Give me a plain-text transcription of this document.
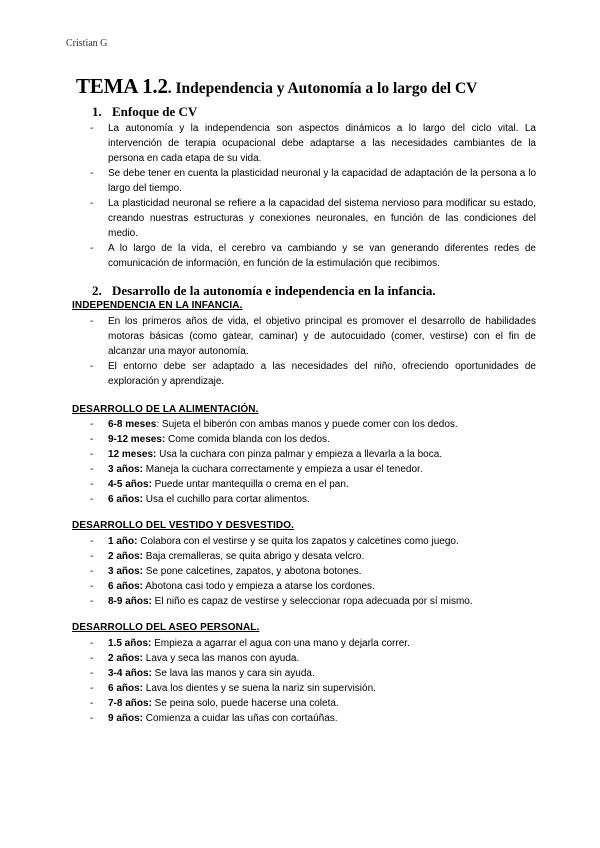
Cristian G
TEMA 1.2. Independencia y Autonomía a lo largo del CV
1. Enfoque de CV
- La autonomía y la independencia son aspectos dinámicos a lo largo del ciclo vital. La intervención de terapia ocupacional debe adaptarse a las necesidades cambiantes de la persona en cada etapa de su vida.
- Se debe tener en cuenta la plasticidad neuronal y la capacidad de adaptación de la persona a lo largo del tiempo.
- La plasticidad neuronal se refiere a la capacidad del sistema nervioso para modificar su estado, creando nuestras estructuras y conexiones neuronales, en función de las condiciones del medio.
- A lo largo de la vida, el cerebro va cambiando y se van generando diferentes redes de comunicación de información, en función de la estimulación que recibimos.
2. Desarrollo de la autonomía e independencia en la infancia.
INDEPENDENCIA EN LA INFANCIA.
- En los primeros años de vida, el objetivo principal es promover el desarrollo de habilidades motoras básicas (como gatear, caminar) y de autocuidado (comer, vestirse) con el fin de alcanzar una mayor autonomía.
- El entorno debe ser adaptado a las necesidades del niño, ofreciendo oportunidades de exploración y aprendizaje.
DESARROLLO DE LA ALIMENTACIÓN.
- 6-8 meses: Sujeta el biberón con ambas manos y puede comer con los dedos.
- 9-12 meses: Come comida blanda con los dedos.
- 12 meses: Usa la cuchara con pinza palmar y empieza a llevarla a la boca.
- 3 años: Maneja la cuchara correctamente y empieza a usar el tenedor.
- 4-5 años: Puede untar mantequilla o crema en el pan.
- 6 años: Usa el cuchillo para cortar alimentos.
DESARROLLO DEL VESTIDO Y DESVESTIDO.
- 1 año: Colabora con el vestirse y se quita los zapatos y calcetines como juego.
- 2 años: Baja cremalleras, se quita abrigo y desata velcro.
- 3 años: Se pone calcetines, zapatos, y abotona botones.
- 6 años: Abotona casi todo y empieza a atarse los cordones.
- 8-9 años: El niño es capaz de vestirse y seleccionar ropa adecuada por sí mismo.
DESARROLLO DEL ASEO PERSONAL.
- 1.5 años: Empieza a agarrar el agua con una mano y dejarla correr.
- 2 años: Lava y seca las manos con ayuda.
- 3-4 años: Se lava las manos y cara sin ayuda.
- 6 años: Lava los dientes y se suena la nariz sin supervisión.
- 7-8 años: Se peina solo, puede hacerse una coleta.
- 9 años: Comienza a cuidar las uñas con cortaúñas.
